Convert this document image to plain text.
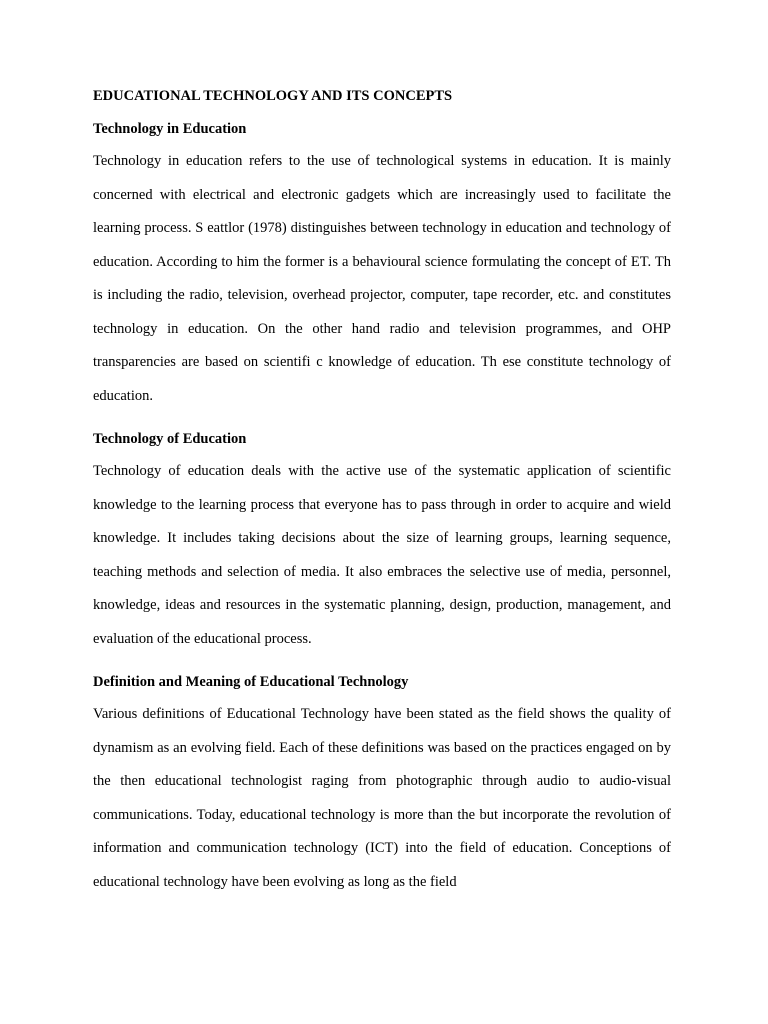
EDUCATIONAL TECHNOLOGY AND ITS CONCEPTS
Technology in Education

Technology in education refers to the use of technological systems in education. It is mainly concerned with electrical and electronic gadgets which are increasingly used to facilitate the learning process. S eattlor (1978) distinguishes between technology in education and technology of education. According to him the former is a behavioural science formulating the concept of ET. Th is including the radio, television, overhead projector, computer, tape recorder, etc. and constitutes technology in education. On the other hand radio and television programmes, and OHP transparencies are based on scientifi c knowledge of education. Th ese constitute technology of education.

Technology of Education

Technology of education deals with the active use of the systematic application of scientific knowledge to the learning process that everyone has to pass through in order to acquire and wield knowledge. It includes taking decisions about the size of learning groups, learning sequence, teaching methods and selection of media. It also embraces the selective use of media, personnel, knowledge, ideas and resources in the systematic planning, design, production, management, and evaluation of the educational process.

Definition and Meaning of Educational Technology

Various definitions of Educational Technology have been stated as the field shows the quality of dynamism as an evolving field. Each of these definitions was based on the practices engaged on by the then educational technologist raging from photographic through audio to audio-visual communications. Today, educational technology is more than the but incorporate the revolution of information and communication technology (ICT) into the field of education. Conceptions of educational technology have been evolving as long as the field
